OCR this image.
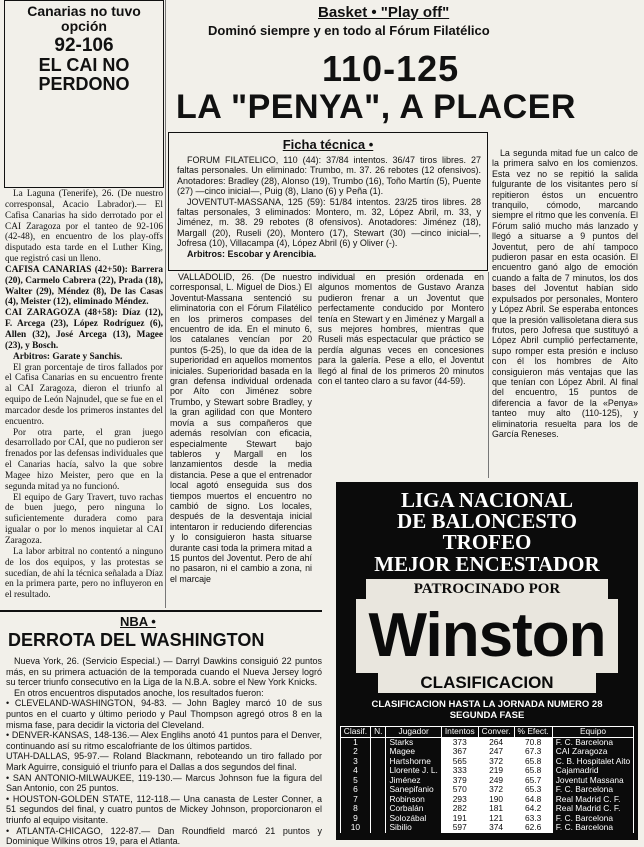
Canarias no tuvo opción
92-106
EL CAI NO PERDONO

La Laguna (Tenerife), 26. (De nuestro corresponsal, Acacio Labrador).— El Cafisa Canarias ha sido derrotado por el CAI Zaragoza por el tanteo de 92-106 (42-48), en encuentro de los play-offs disputado esta tarde en el Luther King, que registró casi un lleno.

CAFISA CANARIAS (42+50): Barrera (20), Carmelo Cabrera (22), Prada (18), Walter (29), Méndez (8), De las Casas (4), Meister (12), eliminado Méndez.

CAI ZARAGOZA (48+58): Díaz (12), F. Arcega (23), López Rodríguez (6), Allen (32), José Arcega (13), Magee (23), y Bosch.

Arbitros: Garate y Sanchis.

El gran porcentaje de tiros fallados por el Cafisa Canarias en su encuentro frente al CAI Zaragoza, dieron el triunfo al equipo de León Najnudel, que se fue en el marcador desde los primeros instantes del encuentro.

Por otra parte, el gran juego desarrollado por CAI, que no pudieron ser frenados por las defensas individuales que el Canarias hacía, salvo la que sobre Magee hizo Meister, pero que en la segunda mitad ya no funcionó.

El equipo de Gary Travert, tuvo rachas de buen juego, pero ninguna lo suficientemente duradera como para igualar o por lo menos inquietar al CAI Zaragoza.

La labor arbitral no contentó a ninguno de los dos equipos, y las protestas se sucedían, de ahí la técnica señalada a Díaz en la primera parte, pero no influyeron en el resultado.

Basket • "Play off"
Dominó siempre y en todo al Fórum Filatélico
110-125
LA "PENYA", A PLACER
Ficha técnica •

FORUM FILATELICO, 110 (44): 37/84 intentos. 36/47 tiros libres. 27 faltas personales. Un eliminado: Trumbo, m. 37. 26 rebotes (12 ofensivos). Anotadores: Bradley (28), Alonso (19), Trumbo (16), Toño Martín (5), Puente (27) —cinco inicial—, Puig (8), Llano (6) y Peña (1).

JOVENTUT-MASSANA, 125 (59): 51/84 intentos. 23/25 tiros libres. 28 faltas personales, 3 eliminados: Montero, m. 32, López Abril, m. 33, y Jiménez, m. 38. 29 rebotes (8 ofensivos). Anotadores: Jiménez (18), Margall (20), Ruseli (20), Montero (17), Stewart (30) —cinco inicial—, Jofresa (10), Villacampa (4), López Abril (6) y Oliver (-).

Arbitros: Escobar y Arencibia.

VALLADOLID, 26. (De nuestro corresponsal, L. Miguel de Dios.) El Joventut-Massana sentenció su eliminatoria con el Fórum Filatélico en los primeros compases del encuentro de ida. En el minuto 6, los catalanes vencían por 20 puntos (5-25), lo que da idea de la superioridad en aquellos momentos iniciales. Superioridad basada en la gran defensa individual ordenada por Aíto con Jiménez sobre Trumbo, y Stewart sobre Bradley, y la gran agilidad con que Montero movía a sus compañeros que además resolvían con eficacia, especialmente Stewart bajo tableros y Margall en los lanzamientos desde la media distancia. Pese a que el entrenador local agotó enseguida sus dos tiempos muertos el encuentro no cambió de signo. Los locales, después de la desventaja inicial intentaron ir reduciendo diferencias y lo consiguieron hasta situarse durante casi toda la primera mitad a 15 puntos del Joventut. Pero de ahí no pasaron, ni el cambio a zona, ni el marcaje

individual en presión ordenada en algunos momentos de Gustavo Aranza pudieron frenar a un Joventut que perfectamente conducido por Montero tenía en Stewart y en Jiménez y Margall a sus mejores hombres, mientras que Ruseli más espectacular que práctico se perdía algunas veces en concesiones para la galería. Pese a ello, el Joventut llegó al final de los primeros 20 minutos con el tanteo claro a su favor (44-59).

La segunda mitad fue un calco de la primera salvo en los comienzos. Esta vez no se repitió la salida fulgurante de los visitantes pero sí repitieron éstos un encuentro tranquilo, cómodo, marcando siempre el ritmo que les convenía. El Fórum salió mucho más lanzado y llegó a situarse a 9 puntos del Joventut, pero de ahí tampoco pudieron pasar en esta ocasión. El encuentro ganó algo de emoción cuando a falta de 7 minutos, los dos bases del Joventut habían sido expulsados por personales, Montero y López Abril. Se esperaba entonces que la presión vallisoletana diera sus frutos, pero Jofresa que sustituyó a López Abril cumplió perfectamente, supo romper esta presión e incluso con él los hombres de Aíto consiguieron más ventajas que las que tenían con López Abril. Al final del encuentro, 15 puntos de diferencia a favor de la «Penya» tanteo muy alto (110-125), y eliminatoria resuelta para los de García Reneses.

NBA •
DERROTA DEL WASHINGTON

Nueva York, 26. (Servicio Especial.) — Darryl Dawkins consiguió 22 puntos más, en su primera actuación de la temporada cuando el Nueva Jersey logró su tercer triunfo consecutivo en la Liga de la N.B.A. sobre el New York Knicks.

En otros encuentros disputados anoche, los resultados fueron:

• CLEVELAND-WASHINGTON, 94-83. — John Bagley marcó 10 de sus puntos en el cuarto y último periodo y Paul Thompson agregó otros 8 en la misma fase, para decidir la victoria del Cleveland.

• DENVER-KANSAS, 148-136.— Alex Englihs anotó 41 puntos para el Denver, continuando así su ritmo escalofriante de los últimos partidos.

UTAH-DALLAS, 95-97.— Roland Blackmann, reboteando un tiro fallado por Mark Aguirre, consiguió el triunfo para el Dallas a dos segundos del final.

• SAN ANTONIO-MILWAUKEE, 119-130.— Marcus Johnson fue la figura del San Antonio, con 25 puntos.

• HOUSTON-GOLDEN STATE, 112-118.— Una canasta de Lester Conner, a 51 segundos del final, y cuatro puntos de Mickey Johnson, proporcionaron el triunfo al equipo visitante.

• ATLANTA-CHICAGO, 122-87.— Dan Roundfield marcó 21 puntos y Dominique Wilkins otros 19, para el Atlanta.

LIGA NACIONAL
DE BALONCESTO
TROFEO
MEJOR ENCESTADOR
PATROCINADO POR
Winston
CLASIFICACION
CLASIFICACION HASTA LA JORNADA NUMERO 28
SEGUNDA FASE
Clasif.	N.	Jugador	Intentos	Conver.	% Efect.	Equipo
1		Starks	373	264	70.8	F. C. Barcelona
2		Magee	367	247	67.3	CAI Zaragoza
3		Hartshorne	565	372	65.8	C. B. Hospitalet Aito
4		Llorente J. L.	333	219	65.8	Cajamadrid
5		Jiménez	379	249	65.7	Joventut Massana
6		Sanepifanio	570	372	65.3	F. C. Barcelona
7		Robinson	293	190	64.8	Real Madrid C. F.
8		Corbalán	282	181	64.2	Real Madrid C. F.
9		Solozábal	191	121	63.3	F. C. Barcelona
10		Sibilio	597	374	62.6	F. C. Barcelona
